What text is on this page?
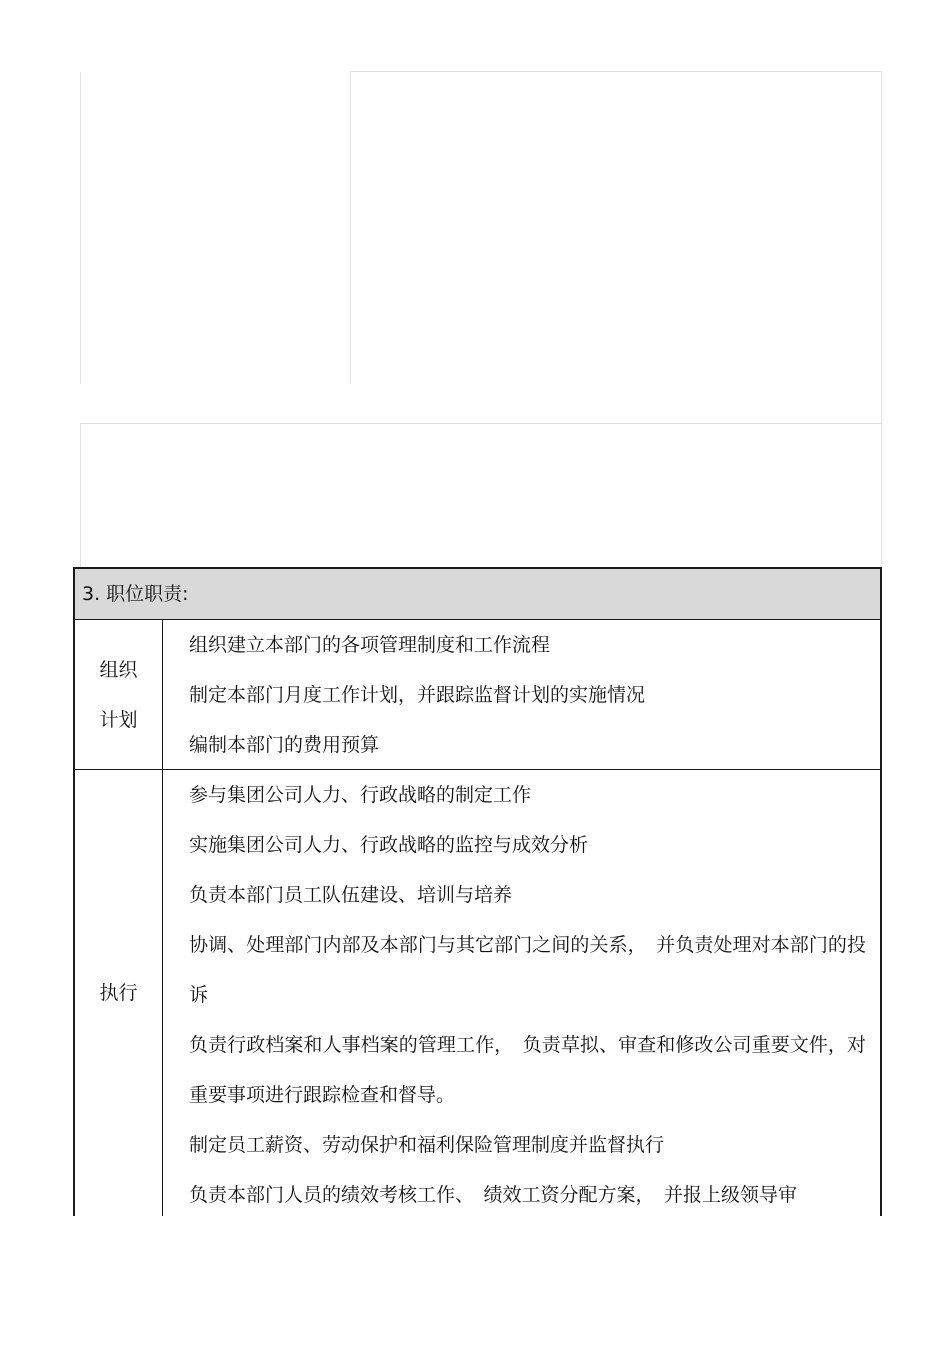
3. 职位职责:
组织计划

组织建立本部门的各项管理制度和工作流程

制定本部门月度工作计划，并跟踪监督计划的实施情况

编制本部门的费用预算

执行

参与集团公司人力、行政战略的制定工作

实施集团公司人力、行政战略的监控与成效分析

负责本部门员工队伍建设、培训与培养

协调、处理部门内部及本部门与其它部门之间的关系，　并负责处理对本部门的投诉

负责行政档案和人事档案的管理工作，　负责草拟、审查和修改公司重要文件，对重要事项进行跟踪检查和督导。

制定员工薪资、劳动保护和福利保险管理制度并监督执行

负责本部门人员的绩效考核工作、　绩效工资分配方案，　并报上级领导审
